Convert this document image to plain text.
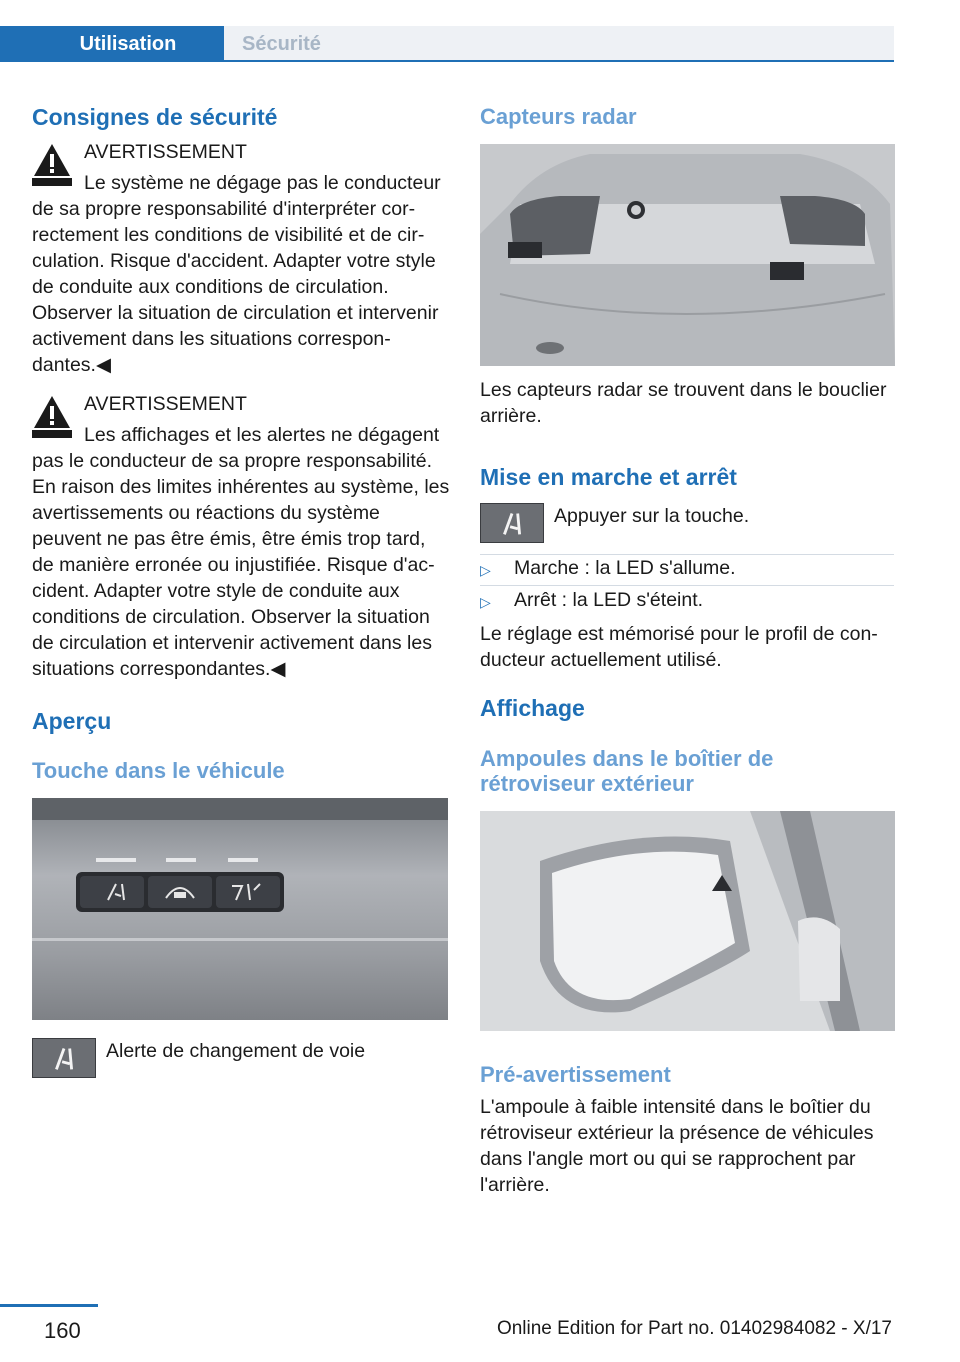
Utilisation	Sécurité
Consignes de sécurité
AVERTISSEMENT
Le système ne dégage pas le conducteur de sa propre responsabilité d'interpréter correctement les conditions de visibilité et de circulation. Risque d'accident. Adapter votre style de conduite aux conditions de circulation. Observer la situation de circulation et intervenir activement dans les situations correspondantes.◀
AVERTISSEMENT
Les affichages et les alertes ne dégagent pas le conducteur de sa propre responsabilité. En raison des limites inhérentes au système, les avertissements ou réactions du système peuvent ne pas être émis, être émis trop tard, de manière erronée ou injustifiée. Risque d'accident. Adapter votre style de conduite aux conditions de circulation. Observer la situation de circulation et intervenir activement dans les situations correspondantes.◀
Aperçu
Touche dans le véhicule
Alerte de changement de voie
Capteurs radar
Les capteurs radar se trouvent dans le bouclier arrière.
Mise en marche et arrêt
Appuyer sur la touche.
▷	Marche : la LED s'allume.
▷	Arrêt : la LED s'éteint.
Le réglage est mémorisé pour le profil de conducteur actuellement utilisé.
Affichage
Ampoules dans le boîtier de rétroviseur extérieur
Pré-avertissement
L'ampoule à faible intensité dans le boîtier du rétroviseur extérieur la présence de véhicules dans l'angle mort ou qui se rapprochent par l'arrière.
160	Online Edition for Part no. 01402984082 - X/17
